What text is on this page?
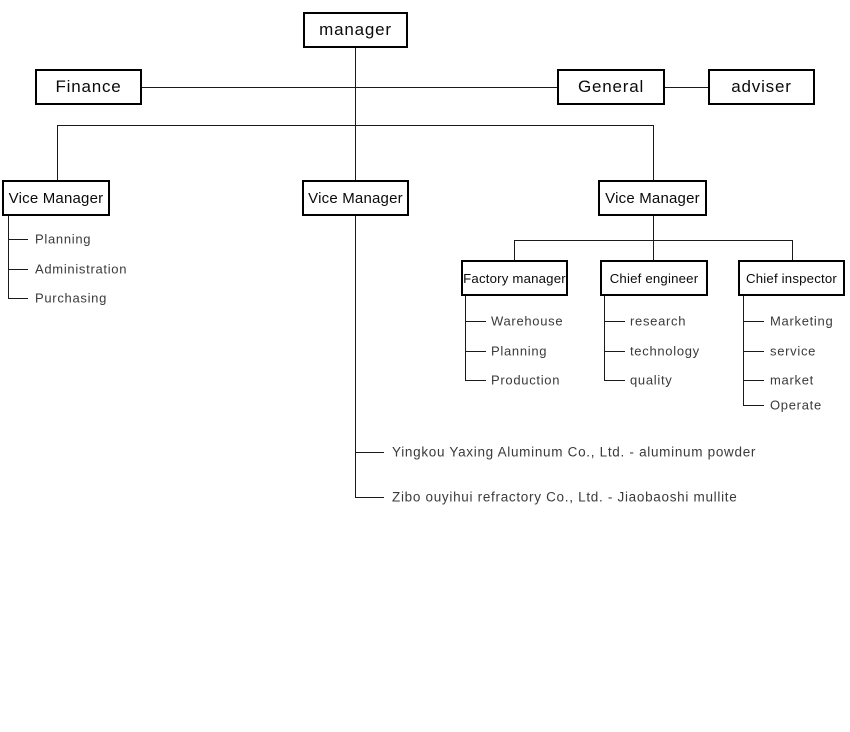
manager
Finance	General	adviser
Vice Manager	Vice Manager	Vice Manager
Factory manager	Chief engineer	Chief inspector
Planning
Administration
Purchasing
Warehouse
Planning
Production
research
technology
quality
Marketing
service
market
Operate
Yingkou Yaxing Aluminum Co., Ltd. - aluminum powder
Zibo ouyihui refractory Co., Ltd. - Jiaobaoshi mullite
